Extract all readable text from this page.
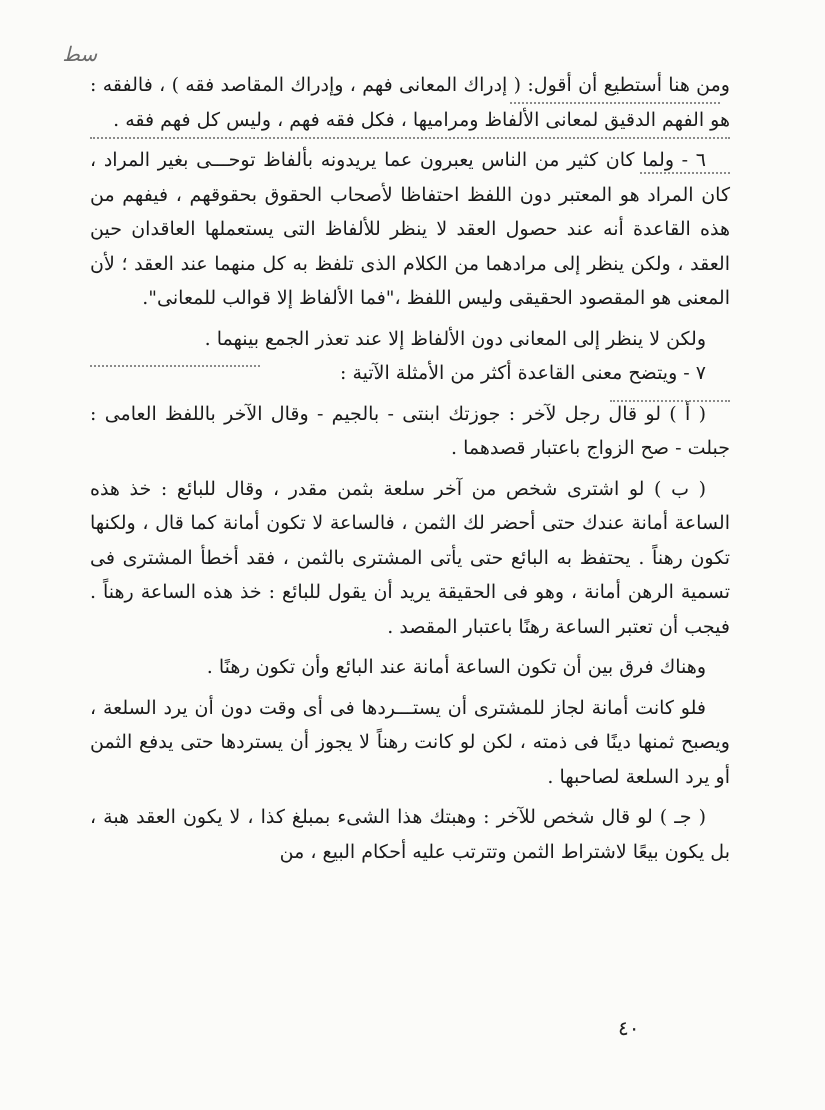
ﺳﻄ

ومن هنا أستطيع أن أقول: ( إدراك المعانى فهم ، وإدراك المقاصد فقه ) ، فالفقه : هو الفهم الدقيق لمعانى الألفاظ ومراميها ، فكل فقه فهم ، وليس كل فهم فقه .

٦ - ولما كان كثير من الناس يعبرون عما يريدونه بألفاظ توحـــى بغير المراد ، كان المراد هو المعتبر دون اللفظ احتفاظا لأصحاب الحقوق بحقوقهم ، فيفهم من هذه القاعدة أنه عند حصول العقد لا ينظر للألفاظ التى يستعملها العاقدان حين العقد ، ولكن ينظر إلى مرادهما من الكلام الذى تلفظ به كل منهما عند العقد ؛ لأن المعنى هو المقصود الحقيقى وليس اللفظ ،"فما الألفاظ إلا قوالب للمعانى".

ولكن لا ينظر إلى المعانى دون الألفاظ إلا عند تعذر الجمع بينهما .

٧ - ويتضح معنى القاعدة أكثر من الأمثلة الآتية :

( أ ) لو قال رجل لآخر : جوزتك ابنتى - بالجيم - وقال الآخر باللفظ العامى : جبلت - صح الزواج باعتبار قصدهما .

( ب ) لو اشترى شخص من آخر سلعة بثمن مقدر ، وقال للبائع : خذ هذه الساعة أمانة عندك حتى أحضر لك الثمن ، فالساعة لا تكون أمانة كما قال ، ولكنها تكون رهناً . يحتفظ به البائع حتى يأتى المشترى بالثمن ، فقد أخطأ المشترى فى تسمية الرهن أمانة ، وهو فى الحقيقة يريد أن يقول للبائع : خذ هذه الساعة رهناً . فيجب أن تعتبر الساعة رهنًا باعتبار المقصد .

وهناك فرق بين أن تكون الساعة أمانة عند البائع وأن تكون رهنًا .

فلو كانت أمانة لجاز للمشترى أن يستـــردها فى أى وقت دون أن يرد السلعة ، ويصبح ثمنها دينًا فى ذمته ، لكن لو كانت رهناً لا يجوز أن يستردها حتى يدفع الثمن أو يرد السلعة لصاحبها .

( جـ ) لو قال شخص للآخر : وهبتك هذا الشىء بمبلغ كذا ، لا يكون العقد هبة ، بل يكون بيعًا لاشتراط الثمن وتترتب عليه أحكام البيع ، من

٤٠
